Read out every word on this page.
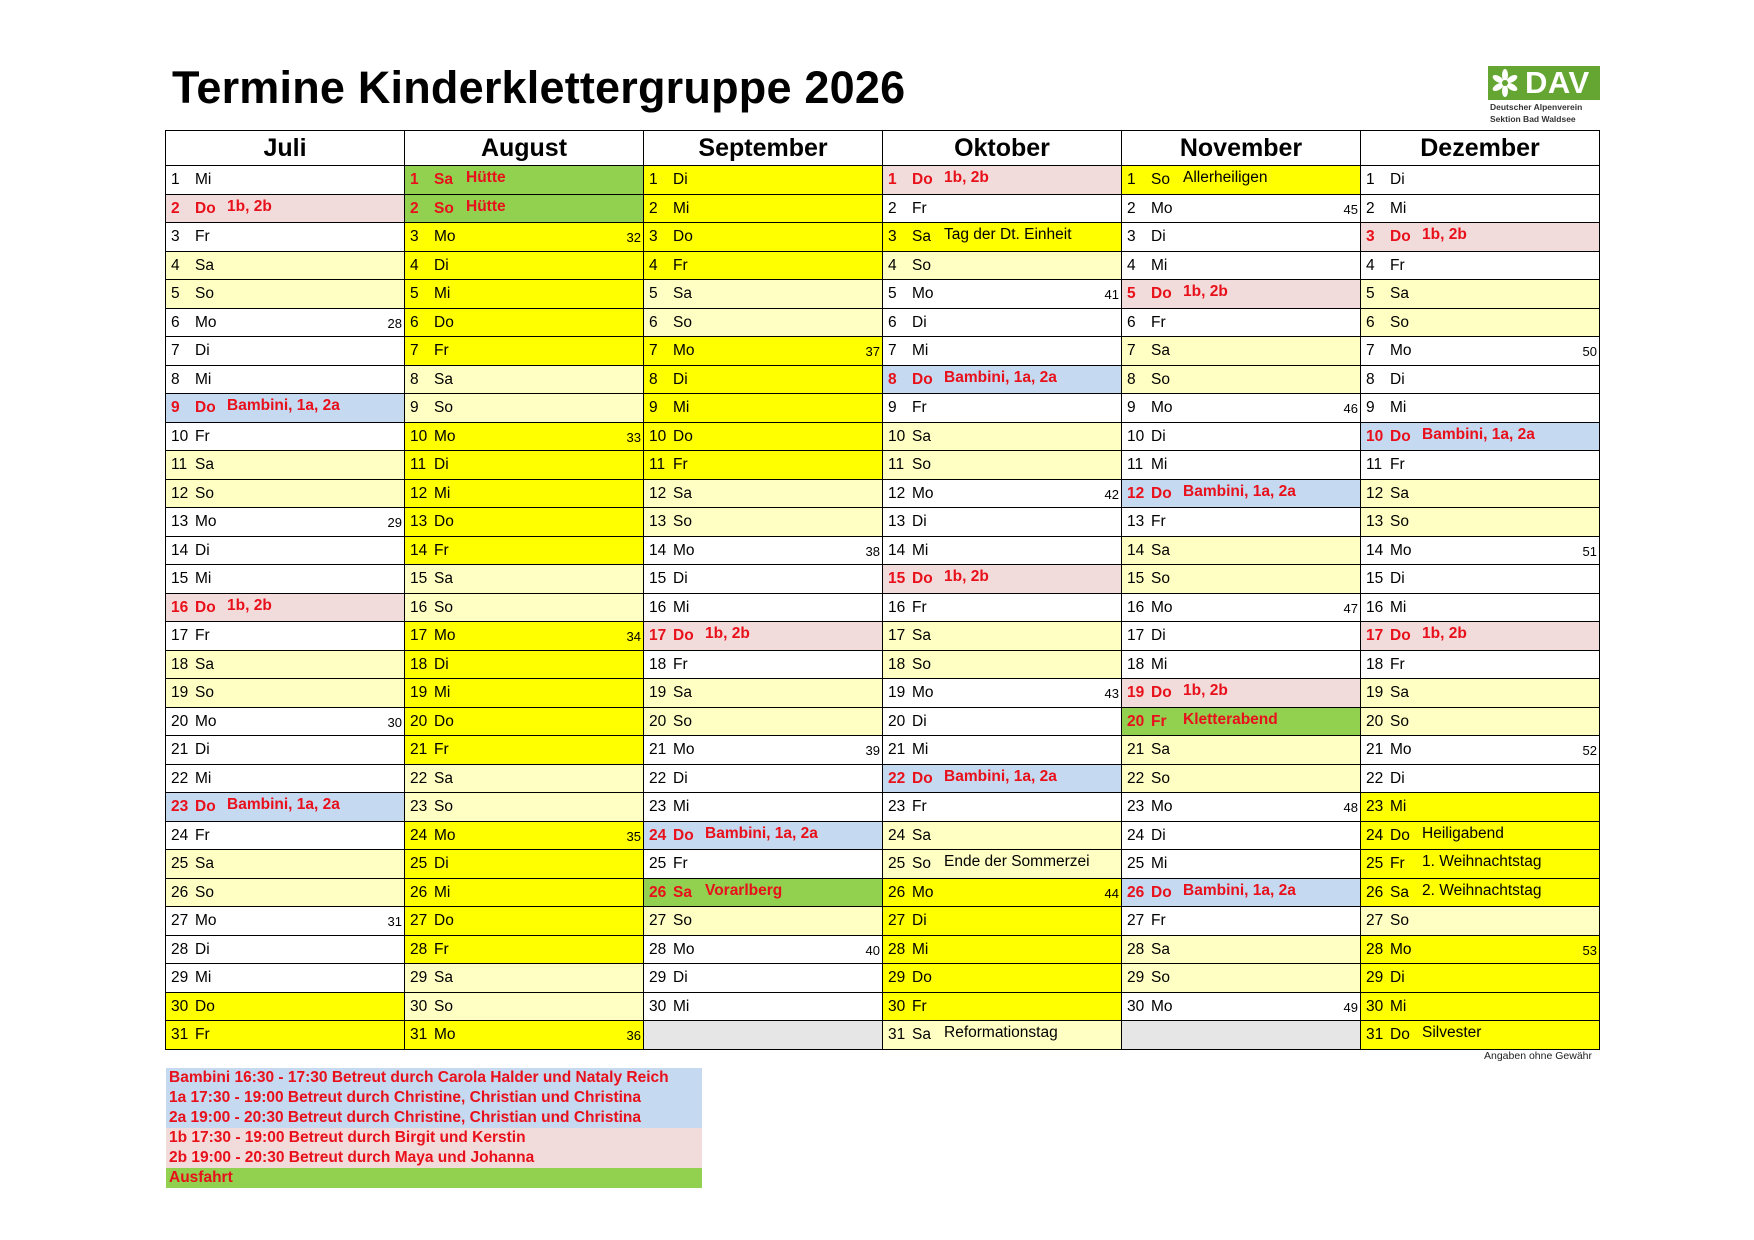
Termine Kinderklettergruppe 2026	DAV
Deutscher Alpenverein
Sektion Bad Waldsee
Juli	August	September	Oktober	November	Dezember

1 Mi	1 Sa Hütte	1 Di	1 Do 1b, 2b	1 So Allerheiligen	1 Di

2 Do 1b, 2b	2 So Hütte	2 Mi	2 Fr	2 Mo 45	2 Mi

3 Fr	3 Mo 32	3 Do	3 Sa Tag der Dt. Einheit	3 Di	3 Do 1b, 2b

4 Sa	4 Di	4 Fr	4 So	4 Mi	4 Fr

5 So	5 Mi	5 Sa	5 Mo 41	5 Do 1b, 2b	5 Sa

6 Mo 28	6 Do	6 So	6 Di	6 Fr	6 So

7 Di	7 Fr	7 Mo 37	7 Mi	7 Sa	7 Mo 50

8 Mi	8 Sa	8 Di	8 Do Bambini, 1a, 2a	8 So	8 Di

9 Do Bambini, 1a, 2a	9 So	9 Mi	9 Fr	9 Mo 46	9 Mi

10 Fr	10 Mo 33	10 Do	10 Sa	10 Di	10 Do Bambini, 1a, 2a

11 Sa	11 Di	11 Fr	11 So	11 Mi	11 Fr

12 So	12 Mi	12 Sa	12 Mo 42	12 Do Bambini, 1a, 2a	12 Sa

13 Mo 29	13 Do	13 So	13 Di	13 Fr	13 So

14 Di	14 Fr	14 Mo 38	14 Mi	14 Sa	14 Mo 51

15 Mi	15 Sa	15 Di	15 Do 1b, 2b	15 So	15 Di

16 Do 1b, 2b	16 So	16 Mi	16 Fr	16 Mo 47	16 Mi

17 Fr	17 Mo 34	17 Do 1b, 2b	17 Sa	17 Di	17 Do 1b, 2b

18 Sa	18 Di	18 Fr	18 So	18 Mi	18 Fr

19 So	19 Mi	19 Sa	19 Mo 43	19 Do 1b, 2b	19 Sa

20 Mo 30	20 Do	20 So	20 Di	20 Fr Kletterabend	20 So

21 Di	21 Fr	21 Mo 39	21 Mi	21 Sa	21 Mo 52

22 Mi	22 Sa	22 Di	22 Do Bambini, 1a, 2a	22 So	22 Di

23 Do Bambini, 1a, 2a	23 So	23 Mi	23 Fr	23 Mo 48	23 Mi

24 Fr	24 Mo 35	24 Do Bambini, 1a, 2a	24 Sa	24 Di	24 Do Heiligabend

25 Sa	25 Di	25 Fr	25 So Ende der Sommerzei	25 Mi	25 Fr 1. Weihnachtstag

26 So	26 Mi	26 Sa Vorarlberg	26 Mo 44	26 Do Bambini, 1a, 2a	26 Sa 2. Weihnachtstag

27 Mo 31	27 Do	27 So	27 Di	27 Fr	27 So

28 Di	28 Fr	28 Mo 40	28 Mi	28 Sa	28 Mo 53

29 Mi	29 Sa	29 Di	29 Do	29 So	29 Di

30 Do	30 So	30 Mi	30 Fr	30 Mo 49	30 Mi

31 Fr	31 Mo 36		31 Sa Reformationstag		31 Do Silvester
Angaben ohne Gewähr
Bambini 16:30 - 17:30 Betreut durch Carola Halder und Nataly Reich
1a 17:30 - 19:00 Betreut durch Christine, Christian und Christina
2a 19:00 - 20:30 Betreut durch Christine, Christian und Christina
1b 17:30 - 19:00 Betreut durch Birgit und Kerstin
2b 19:00 - 20:30 Betreut durch Maya und Johanna
Ausfahrt
